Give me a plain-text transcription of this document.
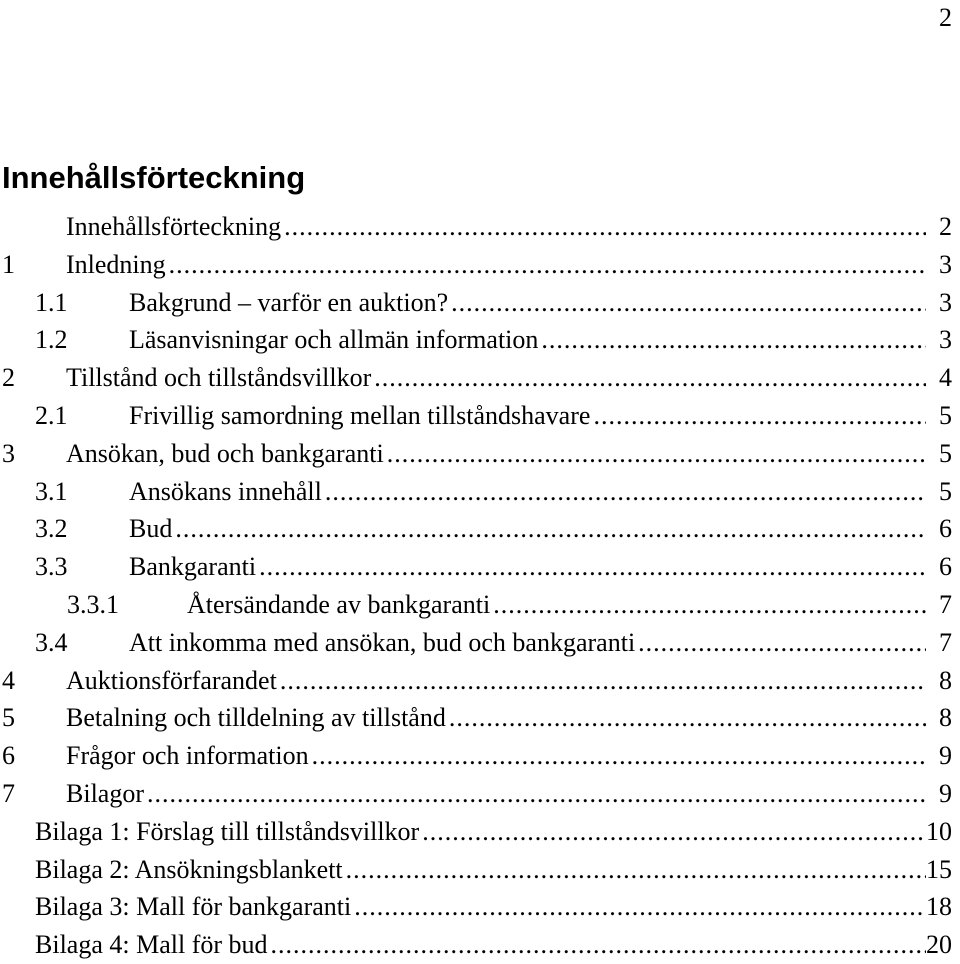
2
Innehållsförteckning
Innehållsförteckning .....	2
1	Inledning .....	3
1.1	Bakgrund – varför en auktion? .....	3
1.2	Läsanvisningar och allmän information .....	3
2	Tillstånd och tillståndsvillkor .....	4
2.1	Frivillig samordning mellan tillståndshavare .....	5
3	Ansökan, bud och bankgaranti .....	5
3.1	Ansökans innehåll .....	5
3.2	Bud .....	6
3.3	Bankgaranti .....	6
3.3.1	Återsändande av bankgaranti .....	7
3.4	Att inkomma med ansökan, bud och bankgaranti .....	7
4	Auktionsförfarandet .....	8
5	Betalning och tilldelning av tillstånd .....	8
6	Frågor och information .....	9
7	Bilagor .....	9
Bilaga 1: Förslag till tillståndsvillkor .....	10
Bilaga 2: Ansökningsblankett .....	15
Bilaga 3: Mall för bankgaranti .....	18
Bilaga 4: Mall för bud .....	20
